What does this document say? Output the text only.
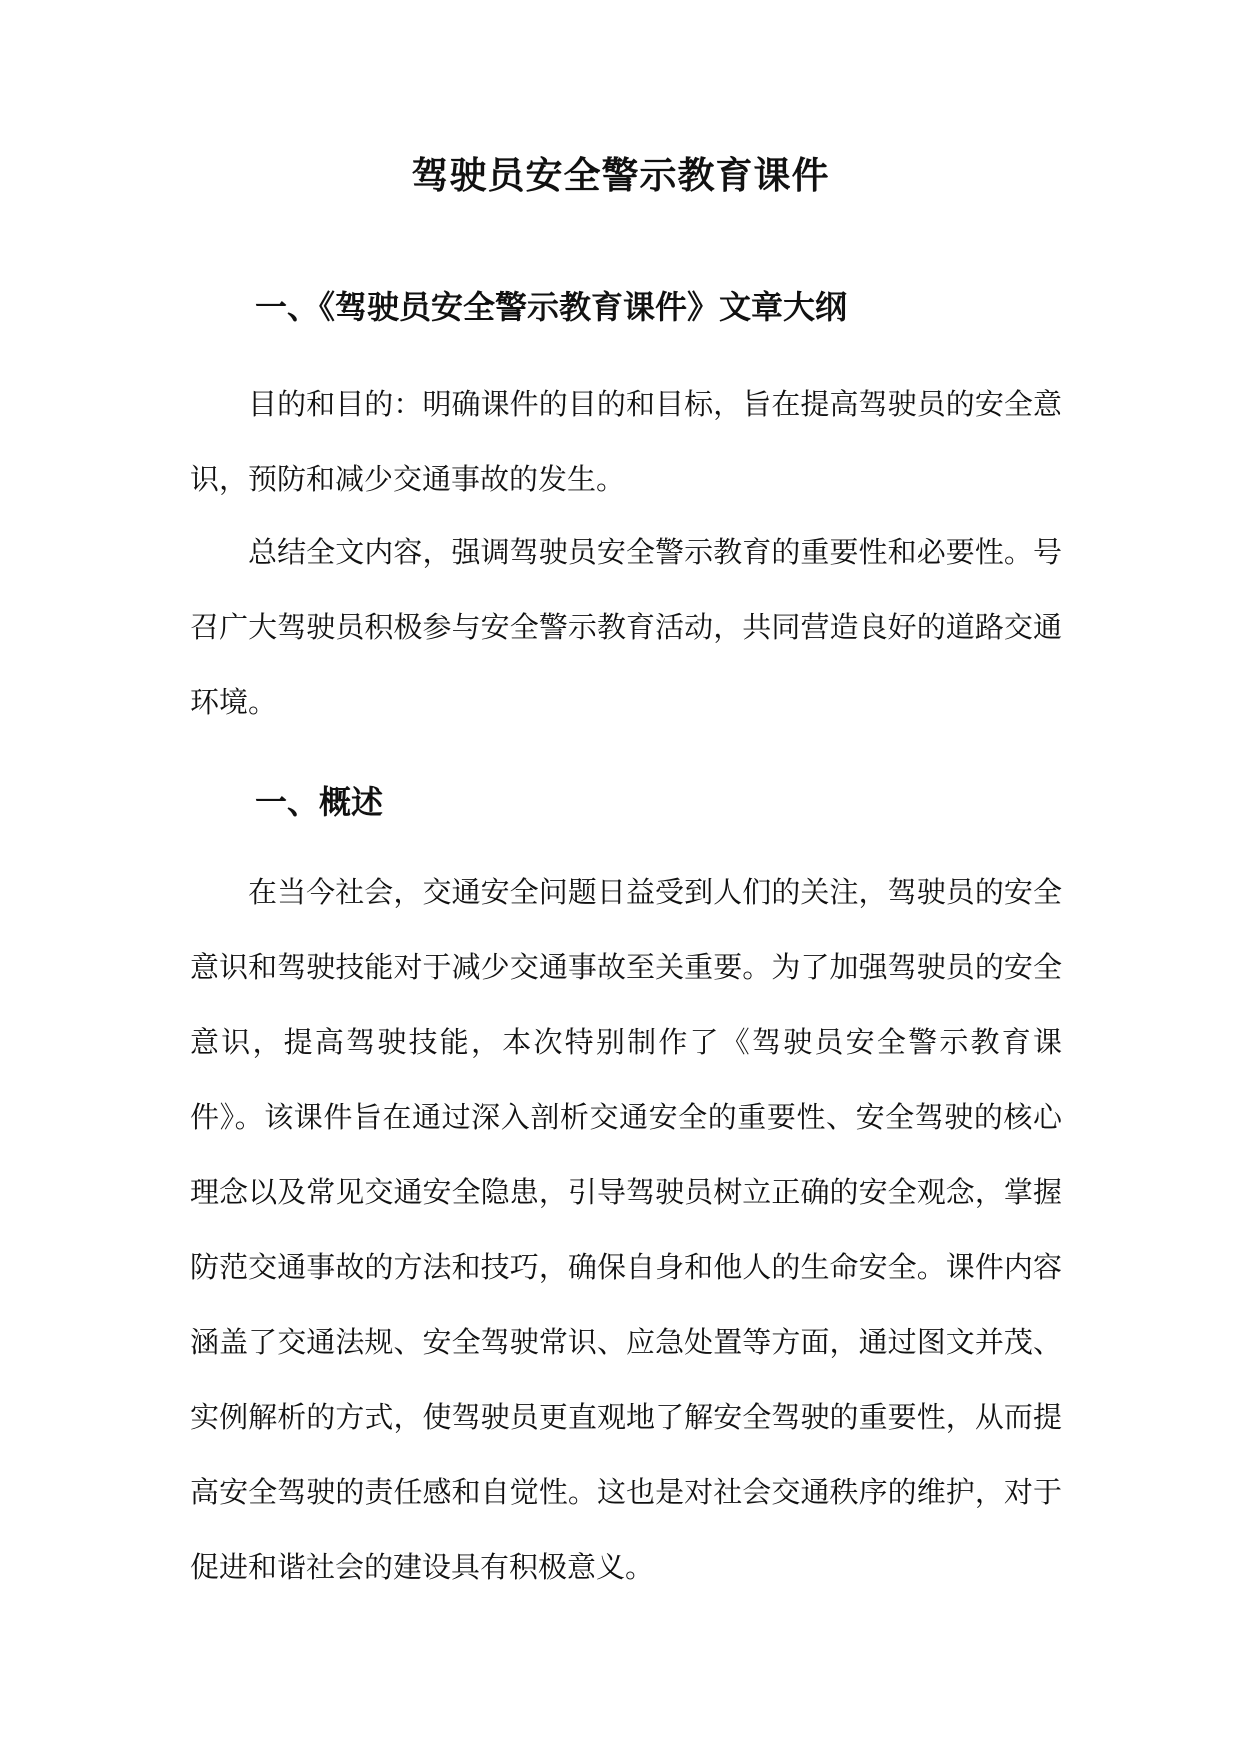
驾驶员安全警示教育课件
一、《驾驶员安全警示教育课件》文章大纲

目的和目的：明确课件的目的和目标，旨在提高驾驶员的安全意识，预防和减少交通事故的发生。

总结全文内容，强调驾驶员安全警示教育的重要性和必要性。号召广大驾驶员积极参与安全警示教育活动，共同营造良好的道路交通环境。

一、概述

在当今社会，交通安全问题日益受到人们的关注，驾驶员的安全意识和驾驶技能对于减少交通事故至关重要。为了加强驾驶员的安全意识，提高驾驶技能，本次特别制作了《驾驶员安全警示教育课件》。该课件旨在通过深入剖析交通安全的重要性、安全驾驶的核心理念以及常见交通安全隐患，引导驾驶员树立正确的安全观念，掌握防范交通事故的方法和技巧，确保自身和他人的生命安全。课件内容涵盖了交通法规、安全驾驶常识、应急处置等方面，通过图文并茂、实例解析的方式，使驾驶员更直观地了解安全驾驶的重要性，从而提高安全驾驶的责任感和自觉性。这也是对社会交通秩序的维护，对于促进和谐社会的建设具有积极意义。
